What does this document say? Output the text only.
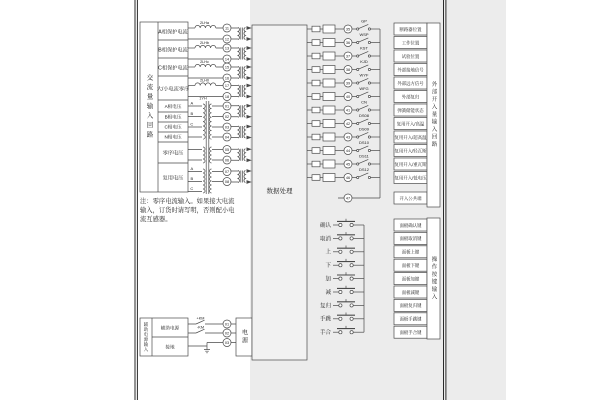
A相保护电流
B相保护电流
C相保护电流
大/小电流零序
A相电压
B相电压
C相电压
N相电压
零序电压
复用电压
2LHa
2LHb
2LHc
2LH0
11
12
13
14
15
16
17
18
1YH
A
B
C
A
B
C
01
02
03
04
05
06
07
08
注：零序电流输入。如果接大电流
输入，订货时请写明，否则配小电
流互感器。
辅助电源
接地
+KM
-KM
01
02
03
数据处理
GP
WSP
KST
KJD
WYF
WFG
CN
DS08
DS09
DS10
DS11
DS12
35
36
37
38
39
40
41
42
43
44
45
46
47
断路器位置
工作位置
试验位置
外部接地信号
外部远方信号
外部复归
弹簧储能状态
复用开入/高温
复用开入/超高温
复用开入/轻瓦斯
复用开入/重瓦斯
复用开入/低电压
开入公共端
确认
取消
上
下
加
减
复归
手跳
手合
面板确认键
面板取消键
面板上键
面板下键
面板加键
面板减键
面板复归键
面板手跳键
面板手合键
交流量输入回路
辅助电源输入	电源
外部开入量输入回路
操作按键输入
